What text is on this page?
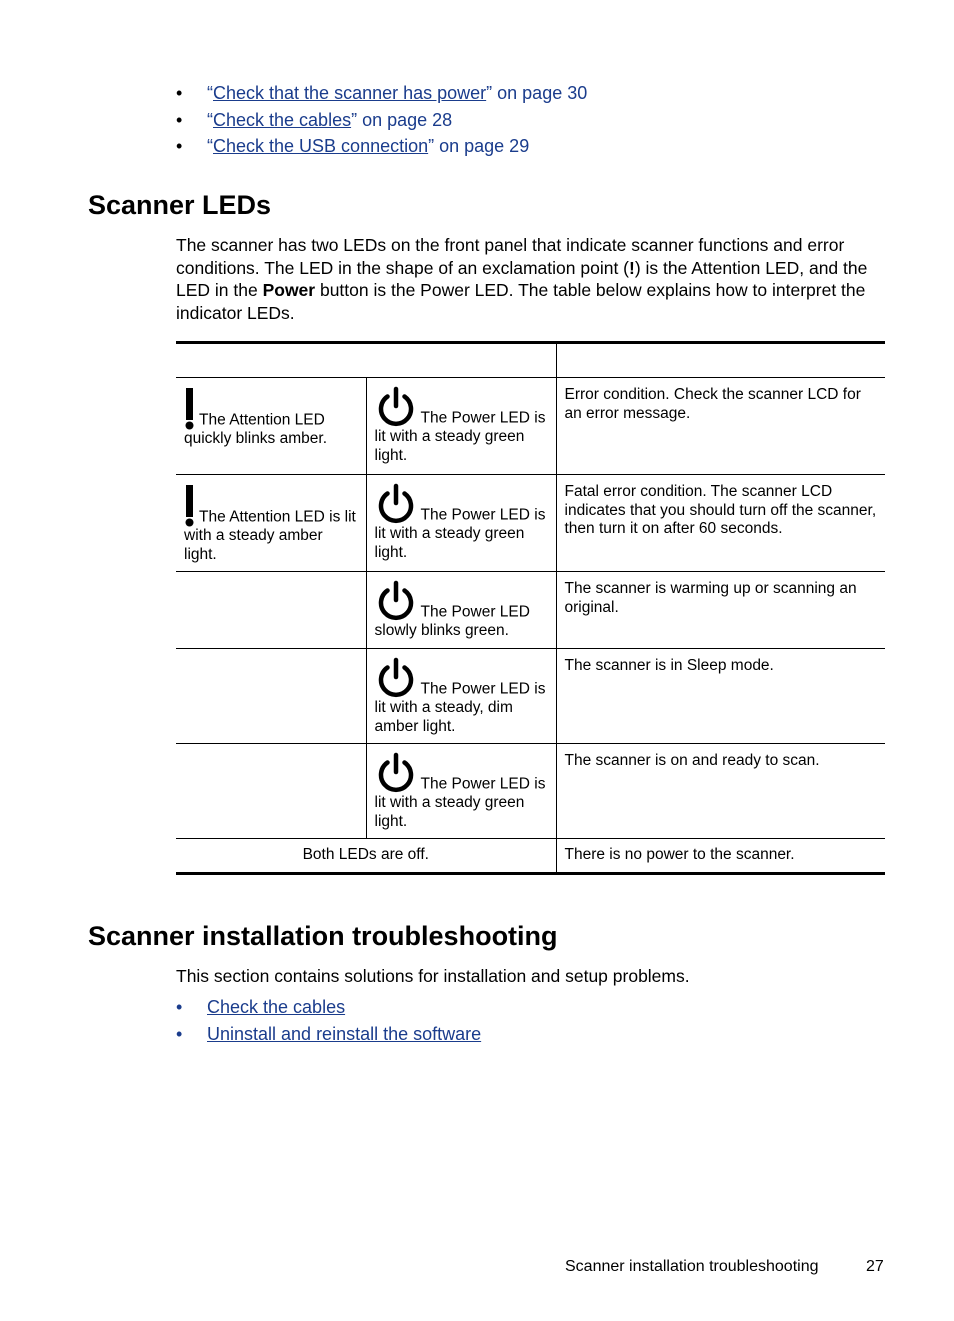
• “Check that the scanner has power” on page 30
• “Check the cables” on page 28
• “Check the USB connection” on page 29
Scanner LEDs

The scanner has two LEDs on the front panel that indicate scanner functions and error conditions. The LED in the shape of an exclamation point (!) is the Attention LED, and the LED in the Power button is the Power LED. The table below explains how to interpret the indicator LEDs.

The Attention LED quickly blinks amber.	The Power LED is lit with a steady green light.	Error condition. Check the scanner LCD for an error message.
The Attention LED is lit with a steady amber light.	The Power LED is lit with a steady green light.	Fatal error condition. The scanner LCD indicates that you should turn off the scanner, then turn it on after 60 seconds.
	The Power LED slowly blinks green.	The scanner is warming up or scanning an original.
	The Power LED is lit with a steady, dim amber light.	The scanner is in Sleep mode.
	The Power LED is lit with a steady green light.	The scanner is on and ready to scan.
Both LEDs are off.		There is no power to the scanner.
Scanner installation troubleshooting

This section contains solutions for installation and setup problems.

• Check the cables
• Uninstall and reinstall the software
Scanner installation troubleshooting	27
